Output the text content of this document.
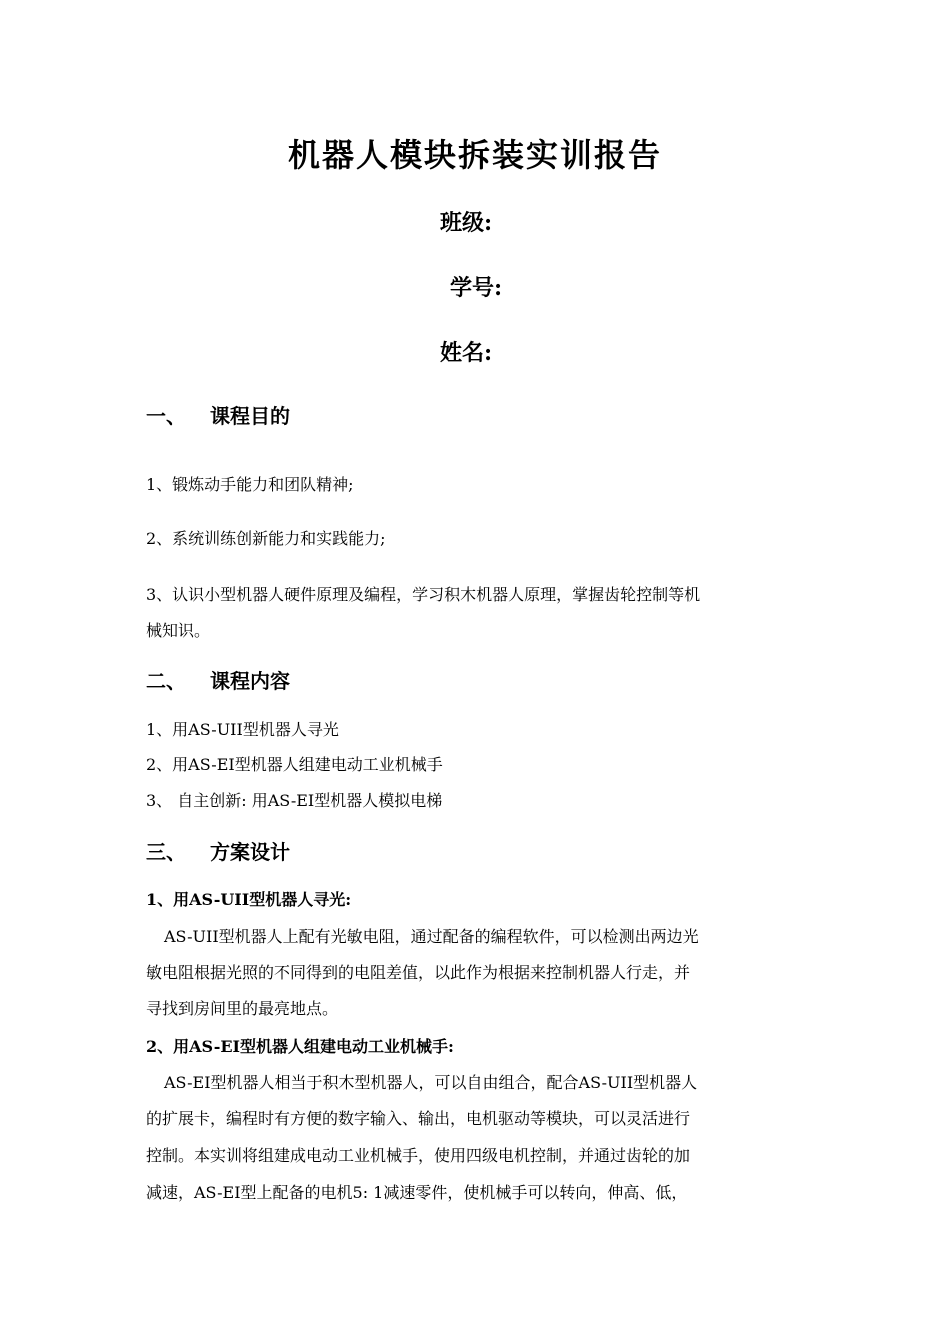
机器人模块拆装实训报告
班级:
学号:
姓名:
一、 课程目的
1、锻炼动手能力和团队精神;
2、系统训练创新能力和实践能力;
3、认识小型机器人硬件原理及编程，学习积木机器人原理，掌握齿轮控制等机
械知识。
二、 课程内容
1、用AS-UII型机器人寻光
2、用AS-EI型机器人组建电动工业机械手
3、 自主创新: 用AS-EI型机器人模拟电梯
三、 方案设计
1、用AS-UII型机器人寻光:
AS-UII型机器人上配有光敏电阻，通过配备的编程软件，可以检测出两边光
敏电阻根据光照的不同得到的电阻差值，以此作为根据来控制机器人行走，并
寻找到房间里的最亮地点。
2、用AS-EI型机器人组建电动工业机械手:
AS-EI型机器人相当于积木型机器人，可以自由组合，配合AS-UII型机器人
的扩展卡，编程时有方便的数字输入、输出，电机驱动等模块，可以灵活进行
控制。本实训将组建成电动工业机械手，使用四级电机控制，并通过齿轮的加
减速，AS-EI型上配备的电机5: 1减速零件，使机械手可以转向，伸高、低，
